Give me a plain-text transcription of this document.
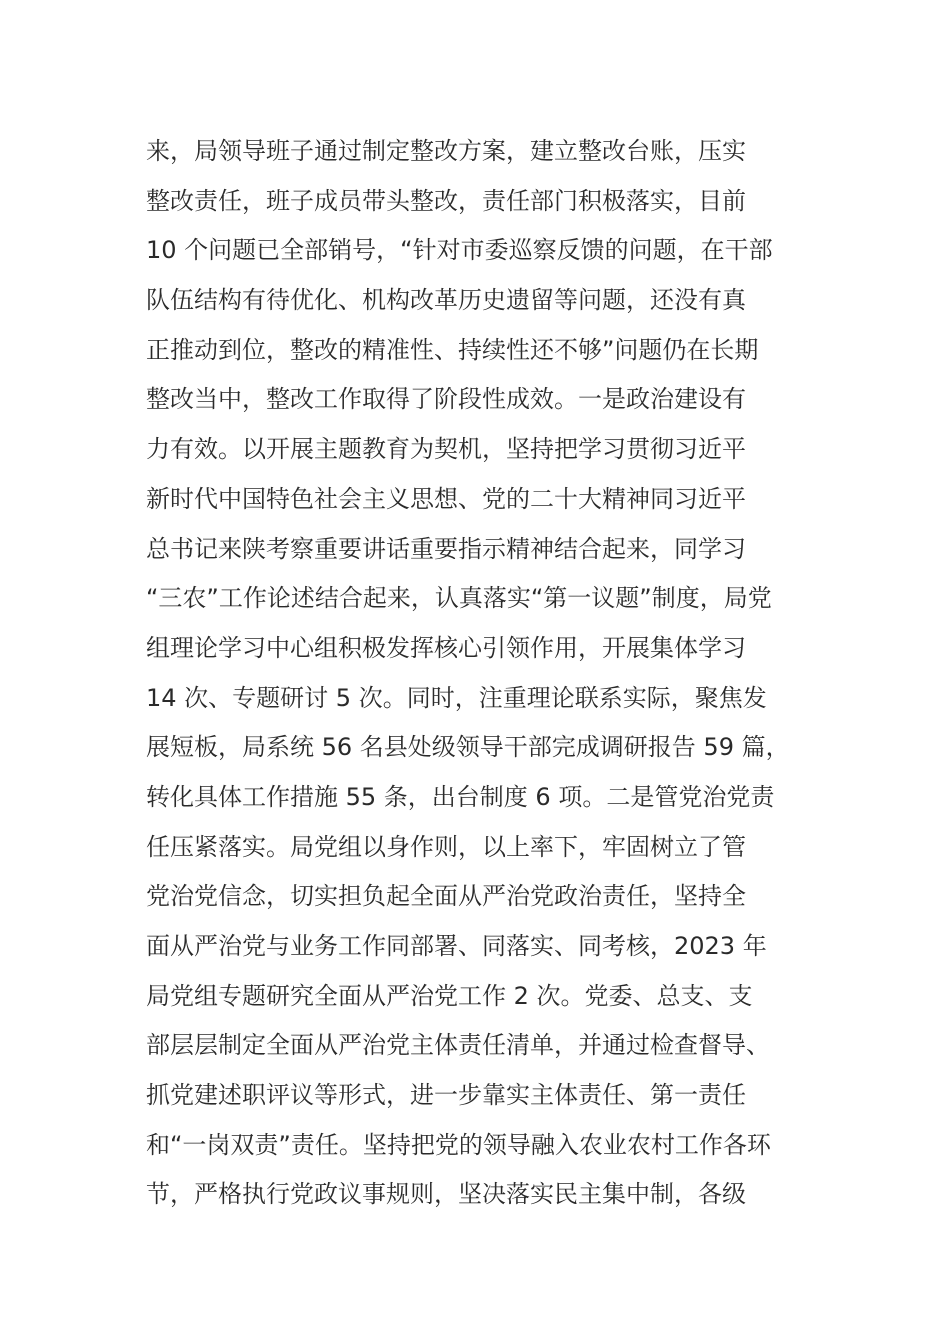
来，局领导班子通过制定整改方案，建立整改台账，压实
整改责任，班子成员带头整改，责任部门积极落实，目前
10 个问题已全部销号，“针对市委巡察反馈的问题，在干部
队伍结构有待优化、机构改革历史遗留等问题，还没有真
正推动到位，整改的精准性、持续性还不够”问题仍在长期
整改当中，整改工作取得了阶段性成效。一是政治建设有
力有效。以开展主题教育为契机，坚持把学习贯彻习近平
新时代中国特色社会主义思想、党的二十大精神同习近平
总书记来陕考察重要讲话重要指示精神结合起来，同学习
“三农”工作论述结合起来，认真落实“第一议题”制度，局党
组理论学习中心组积极发挥核心引领作用，开展集体学习
14 次、专题研讨 5 次。同时，注重理论联系实际，聚焦发
展短板，局系统 56 名县处级领导干部完成调研报告 59 篇，
转化具体工作措施 55 条，出台制度 6 项。二是管党治党责
任压紧落实。局党组以身作则，以上率下，牢固树立了管
党治党信念，切实担负起全面从严治党政治责任，坚持全
面从严治党与业务工作同部署、同落实、同考核，2023 年
局党组专题研究全面从严治党工作 2 次。党委、总支、支
部层层制定全面从严治党主体责任清单，并通过检查督导、
抓党建述职评议等形式，进一步靠实主体责任、第一责任
和“一岗双责”责任。坚持把党的领导融入农业农村工作各环
节，严格执行党政议事规则，坚决落实民主集中制，各级
